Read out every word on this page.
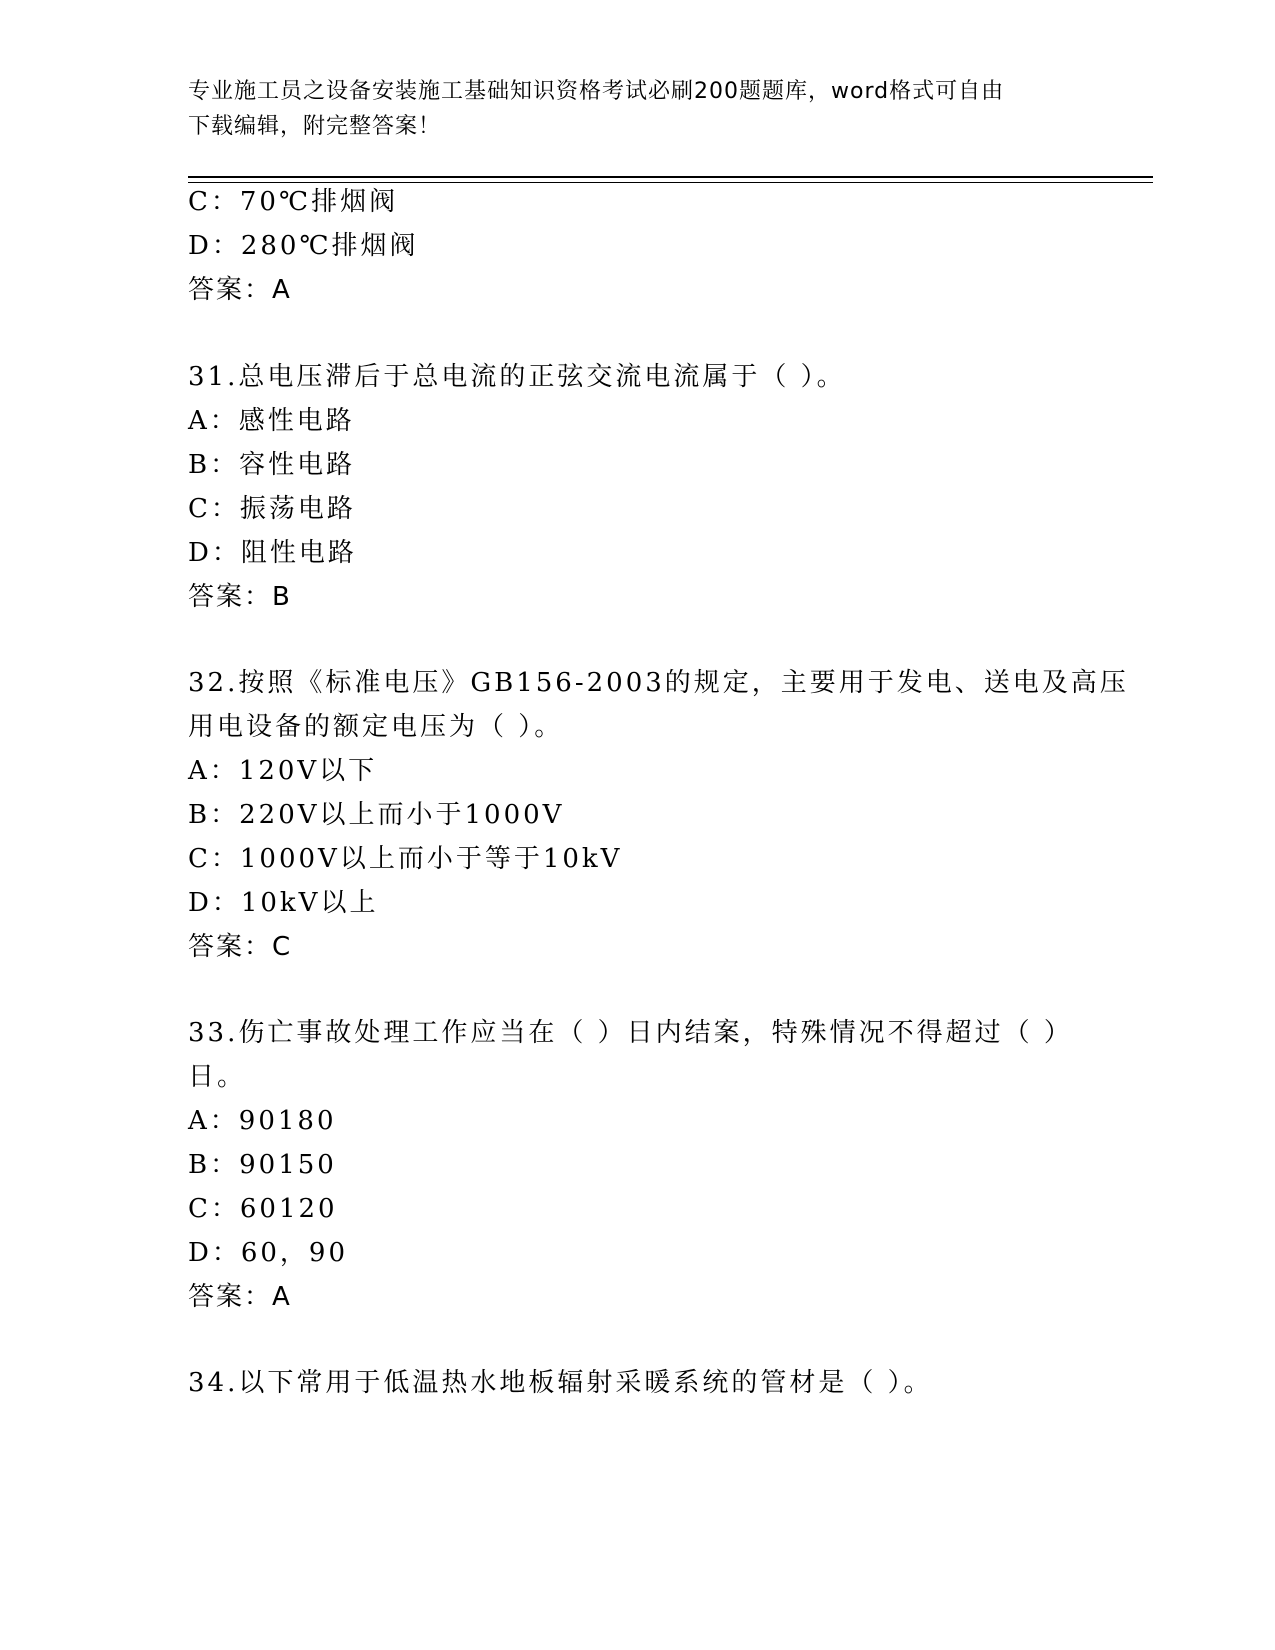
专业施工员之设备安装施工基础知识资格考试必刷200题题库，word格式可自由
下载编辑，附完整答案！
C：70℃排烟阀
D：280℃排烟阀
答案：A
31.总电压滞后于总电流的正弦交流电流属于（ ）。
A：感性电路
B：容性电路
C：振荡电路
D：阻性电路
答案：B
32.按照《标准电压》GB156-2003的规定，主要用于发电、送电及高压
用电设备的额定电压为（ ）。
A：120V以下
B：220V以上而小于1000V
C：1000V以上而小于等于10kV
D：10kV以上
答案：C
33.伤亡事故处理工作应当在（ ）日内结案，特殊情况不得超过（ ）
日。
A：90180
B：90150
C：60120
D：60，90
答案：A
34.以下常用于低温热水地板辐射采暖系统的管材是（ ）。
